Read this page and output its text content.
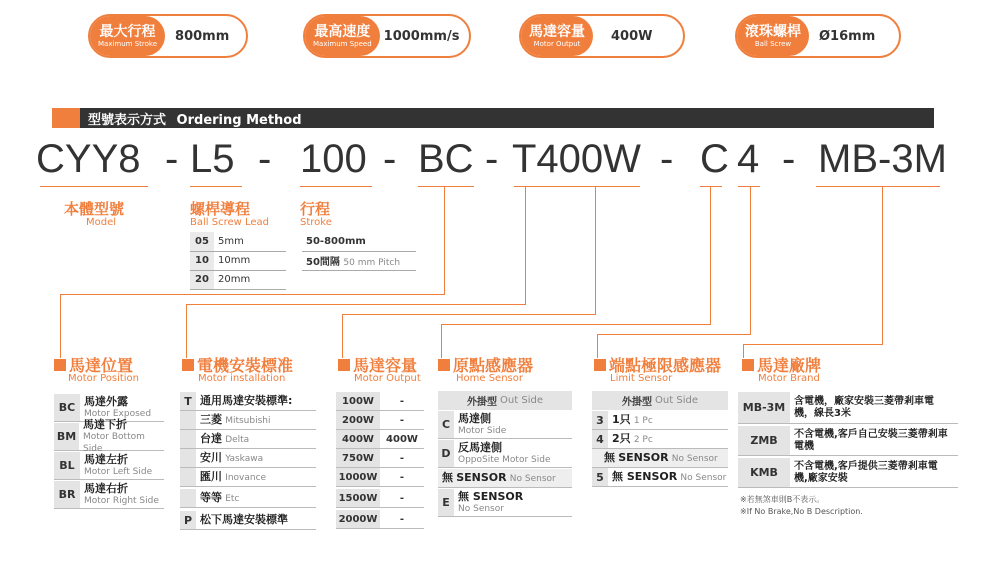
最大行程
Maximum Stroke	800mm	最高速度
Maximum Speed 1000mm/s	馬達容量
Motor Output	400W	滾珠螺桿
Ball Screw	Ø16mm
型號表示方式 Ordering Method
CYY8 - L5 - 100 - BC - T400W - C 4 - MB-3M
本體型號
Model
螺桿導程
Ball Screw Lead
05	5mm
10	10mm
20	20mm
行程
Stroke
50-800mm
50間隔 50 mm Pitch
馬達位置
Motor Position
BC 馬達外露
Motor Exposed
BM
馬達下折
Motor Bottom Side
BL 馬達左折
Motor Left Side
BR 馬達右折
Motor Right Side
電機安裝標准
Motor installation
T 通用馬達安裝標準:
三菱 Mitsubishi
台達 Delta
安川 Yaskawa
匯川 Inovance
等等 Etc
P 松下馬達安裝標準
馬達容量
Motor Output
100W	-
200W	-
400W	400W
750W	-
1000W	-
1500W	-
2000W	-
原點感應器
Home Sensor
外掛型 Out Side
C 馬達側
Motor Side
D 反馬達側
OppoSite Motor Side
無 SENSOR No Sensor
E 無 SENSOR
No Sensor
端點極限感應器
Limit Sensor
外掛型 Out Side
3 1只 1 Pc
4 2只 2 Pc
無 SENSOR No Sensor
5 無 SENSOR No Sensor
馬達廠牌
Motor Brand
MB-3M 含電機，廠家安裝三菱帶剎車電機，線長3米
ZMB	不含電機,客戶自己安裝三菱帶剎車電機
KMB	不含電機,客戶提供三菱帶剎車電機,廠家安裝
※若無煞車則B不表示。
※If No Brake,No B Description.
